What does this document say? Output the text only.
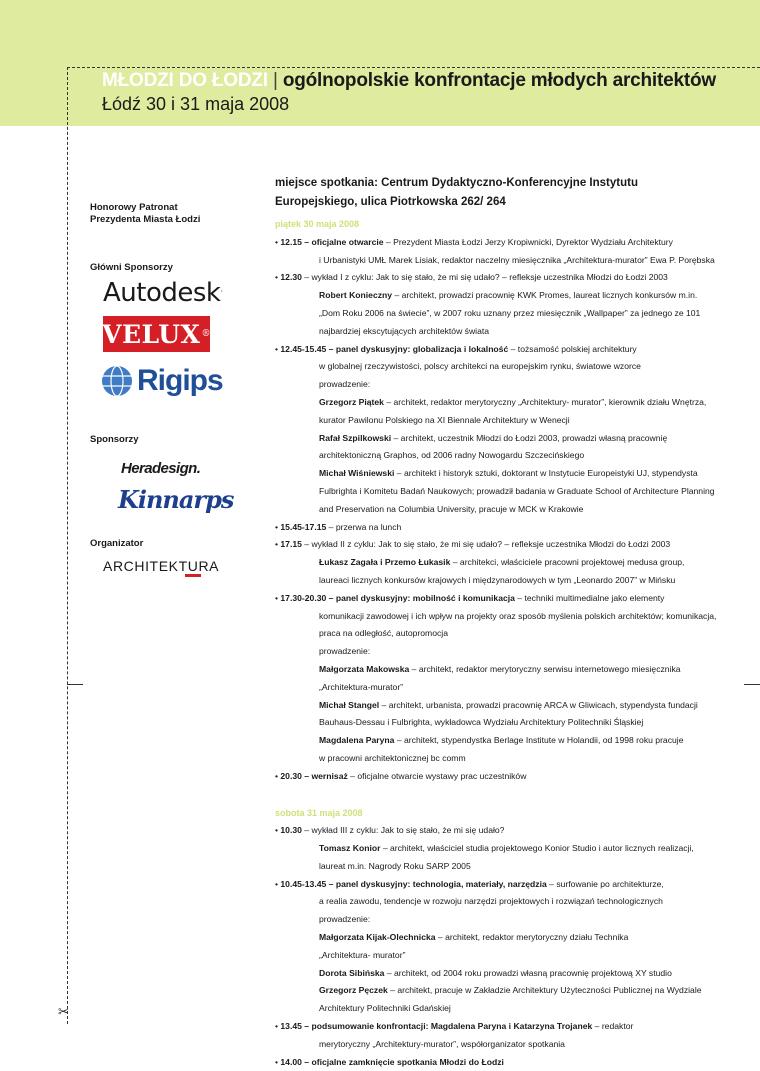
✂
MŁODZI DO ŁODZI | ogólnopolskie konfrontacje młodych architektów
Łódź 30 i 31 maja 2008
Honorowy Patronat
Prezydenta Miasta Łodzi
Główni Sponsorzy
Autodesk.
VELUX ®
Rigips
Sponsorzy
Heradesign.
Kinnarps
Organizator
ARCHITEKTURA
miejsce spotkania: Centrum Dydaktyczno-Konferencyjne Instytutu
Europejskiego, ulica Piotrkowska 262/ 264
piątek 30 maja 2008
• 12.15 – oficjalne otwarcie – Prezydent Miasta Łodzi Jerzy Kropiwnicki, Dyrektor Wydziału Architektury
i Urbanistyki UMŁ Marek Lisiak, redaktor naczelny miesięcznika „Architektura-murator” Ewa P. Porębska
• 12.30 – wykład I z cyklu: Jak to się stało, że mi się udało? – refleksje uczestnika Młodzi do Łodzi 2003
Robert Konieczny – architekt, prowadzi pracownię KWK Promes, laureat licznych konkursów m.in.
„Dom Roku 2006 na świecie”, w 2007 roku uznany przez miesięcznik „Wallpaper” za jednego ze 101
najbardziej ekscytujących architektów świata
• 12.45-15.45 – panel dyskusyjny: globalizacja i lokalność – tożsamość polskiej architektury
w globalnej rzeczywistości, polscy architekci na europejskim rynku, światowe wzorce
prowadzenie:
Grzegorz Piątek – architekt, redaktor merytoryczny „Architektury- murator”, kierownik działu Wnętrza,
kurator Pawilonu Polskiego na XI Biennale Architektury w Wenecji
Rafał Szpilkowski – architekt, uczestnik Młodzi do Łodzi 2003, prowadzi własną pracownię
architektoniczną Graphos, od 2006 radny Nowogardu Szczecińskiego
Michał Wiśniewski – architekt i historyk sztuki, doktorant w Instytucie Europeistyki UJ, stypendysta
Fulbrighta i Komitetu Badań Naukowych; prowadził badania w Graduate School of Architecture Planning
and Preservation na Columbia University, pracuje w MCK w Krakowie
• 15.45-17.15 – przerwa na lunch
• 17.15 – wykład II z cyklu: Jak to się stało, że mi się udało? – refleksje uczestnika Młodzi do Łodzi 2003
Łukasz Zagała i Przemo Łukasik – architekci, właściciele pracowni projektowej medusa group,
laureaci licznych konkursów krajowych i międzynarodowych w tym „Leonardo 2007” w Mińsku
• 17.30-20.30 – panel dyskusyjny: mobilność i komunikacja – techniki multimedialne jako elementy
komunikacji zawodowej i ich wpływ na projekty oraz sposób myślenia polskich architektów; komunikacja,
praca na odległość, autopromocja
prowadzenie:
Małgorzata Makowska – architekt, redaktor merytoryczny serwisu internetowego miesięcznika
„Architektura-murator”
Michał Stangel – architekt, urbanista, prowadzi pracownię ARCA w Gliwicach, stypendysta fundacji
Bauhaus-Dessau i Fulbrighta, wykładowca Wydziału Architektury Politechniki Śląskiej
Magdalena Paryna – architekt, stypendystka Berlage Institute w Holandii, od 1998 roku pracuje
w pracowni architektonicznej bc comm
• 20.30 – wernisaż – oficjalne otwarcie wystawy prac uczestników
sobota 31 maja 2008
• 10.30 – wykład III z cyklu: Jak to się stało, że mi się udało?
Tomasz Konior – architekt, właściciel studia projektowego Konior Studio i autor licznych realizacji,
laureat m.in. Nagrody Roku SARP 2005
• 10.45-13.45 – panel dyskusyjny: technologia, materiały, narzędzia – surfowanie po architekturze,
a realia zawodu, tendencje w rozwoju narzędzi projektowych i rozwiązań technologicznych
prowadzenie:
Małgorzata Kijak-Olechnicka – architekt, redaktor merytoryczny działu Technika
„Architektura- murator”
Dorota Sibińska – architekt, od 2004 roku prowadzi własną pracownię projektową XY studio
Grzegorz Pęczek – architekt, pracuje w Zakładzie Architektury Użyteczności Publicznej na Wydziale
Architektury Politechniki Gdańskiej
• 13.45 – podsumowanie konfrontacji: Magdalena Paryna i Katarzyna Trojanek – redaktor
merytoryczny „Architektury-murator”, współorganizator spotkania
• 14.00 – oficjalne zamknięcie spotkania Młodzi do Łodzi
